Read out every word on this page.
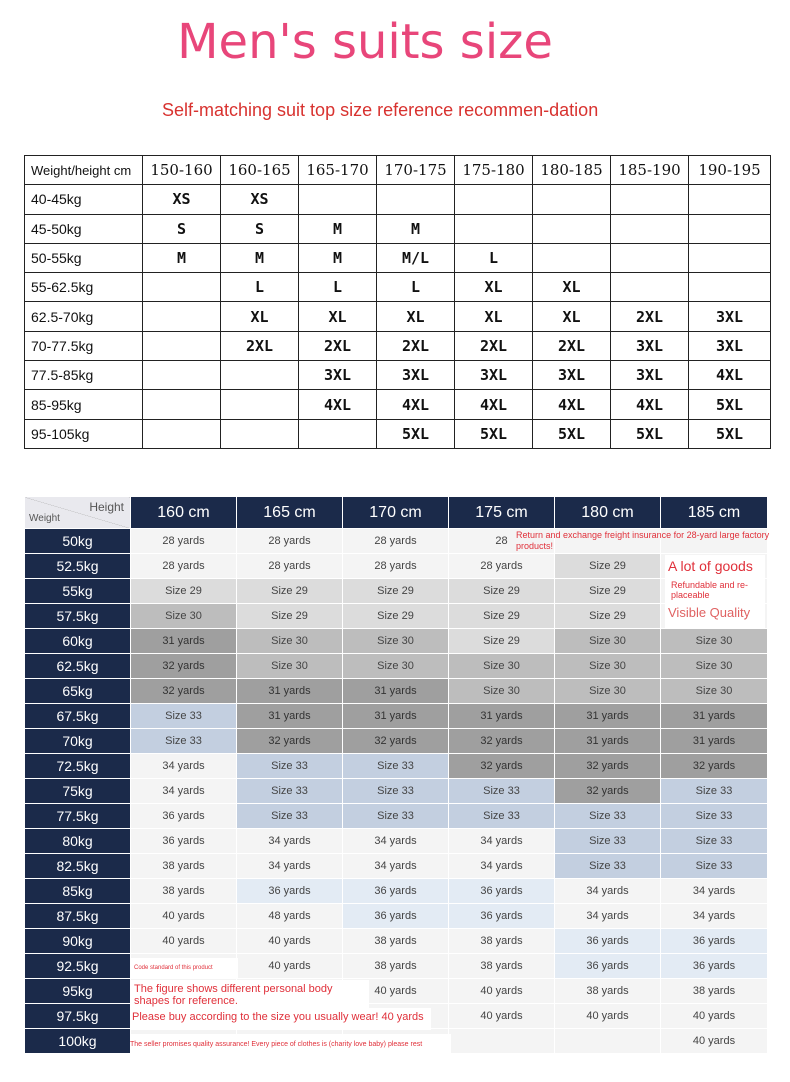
Men's suits size
Self-matching suit top size reference recommen-dation
Weight/height cm	150-160	160-165	165-170	170-175	175-180	180-185	185-190	190-195
40-45kg	XS	XS						
45-50kg	S	S	M	M				
50-55kg	M	M	M	M/L	L			
55-62.5kg		L	L	L	XL	XL		
62.5-70kg		XL	XL	XL	XL	XL	2XL	3XL
70-77.5kg		2XL	2XL	2XL	2XL	2XL	3XL	3XL
77.5-85kg			3XL	3XL	3XL	3XL	3XL	4XL
85-95kg			4XL	4XL	4XL	4XL	4XL	5XL
95-105kg				5XL	5XL	5XL	5XL	5XL
Height
Weight	160 cm	165 cm	170 cm	175 cm	180 cm	185 cm
50kg	28 yards	28 yards	28 yards	28		
52.5kg	28 yards	28 yards	28 yards	28 yards	Size 29	
55kg	Size 29	Size 29	Size 29	Size 29	Size 29	
57.5kg	Size 30	Size 29	Size 29	Size 29	Size 29	
60kg	31 yards	Size 30	Size 30	Size 29	Size 30	Size 30
62.5kg	32 yards	Size 30	Size 30	Size 30	Size 30	Size 30
65kg	32 yards	31 yards	31 yards	Size 30	Size 30	Size 30
67.5kg	Size 33	31 yards	31 yards	31 yards	31 yards	31 yards
70kg	Size 33	32 yards	32 yards	32 yards	31 yards	31 yards
72.5kg	34 yards	Size 33	Size 33	32 yards	32 yards	32 yards
75kg	34 yards	Size 33	Size 33	Size 33	32 yards	Size 33
77.5kg	36 yards	Size 33	Size 33	Size 33	Size 33	Size 33
80kg	36 yards	34 yards	34 yards	34 yards	Size 33	Size 33
82.5kg	38 yards	34 yards	34 yards	34 yards	Size 33	Size 33
85kg	38 yards	36 yards	36 yards	36 yards	34 yards	34 yards
87.5kg	40 yards	48 yards	36 yards	36 yards	34 yards	34 yards
90kg	40 yards	40 yards	38 yards	38 yards	36 yards	36 yards
92.5kg		40 yards	38 yards	38 yards	36 yards	36 yards
95kg			40 yards	40 yards	38 yards	38 yards
97.5kg				40 yards	40 yards	40 yards
100kg						40 yards
Return and exchange freight insurance for 28-yard large factory products!
A lot of goods
Refundable and re-placeable
Visible Quality
Code standard of this product
The figure shows different personal body shapes for reference.
Please buy according to the size you usually wear! 40 yards
The seller promises quality assurance! Every piece of clothes is (charity love baby) please rest
